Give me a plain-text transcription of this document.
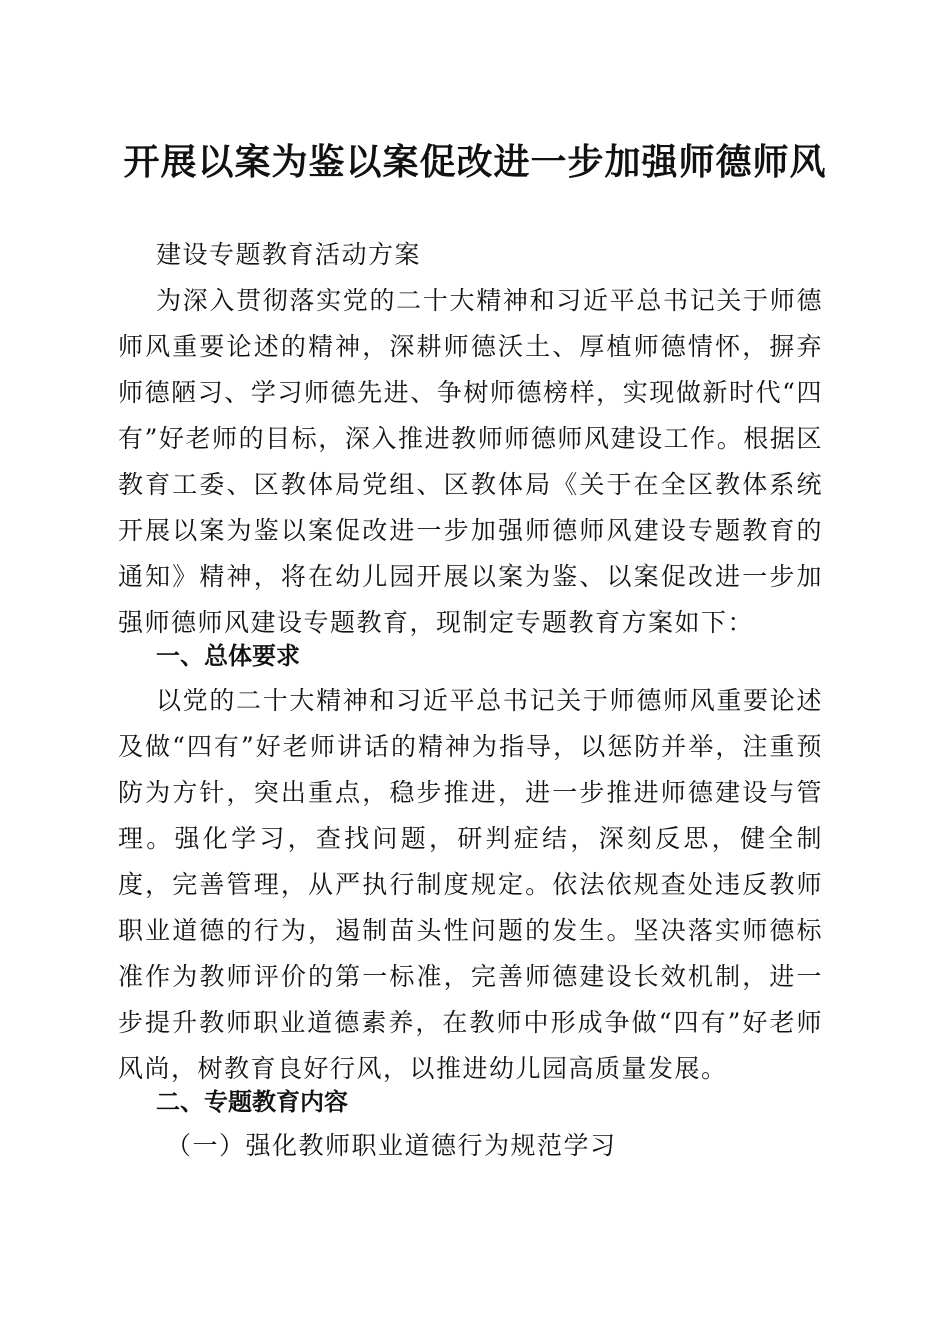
开展以案为鉴以案促改进一步加强师德师风

建设专题教育活动方案

为深入贯彻落实党的二十大精神和习近平总书记关于师德师风重要论述的精神，深耕师德沃土、厚植师德情怀，摒弃师德陋习、学习师德先进、争树师德榜样，实现做新时代“四有”好老师的目标，深入推进教师师德师风建设工作。根据区教育工委、区教体局党组、区教体局《关于在全区教体系统开展以案为鉴以案促改进一步加强师德师风建设专题教育的通知》精神，将在幼儿园开展以案为鉴、以案促改进一步加强师德师风建设专题教育，现制定专题教育方案如下：

一、总体要求

以党的二十大精神和习近平总书记关于师德师风重要论述及做“四有”好老师讲话的精神为指导，以惩防并举，注重预防为方针，突出重点，稳步推进，进一步推进师德建设与管理。强化学习，查找问题，研判症结，深刻反思，健全制度，完善管理，从严执行制度规定。依法依规查处违反教师职业道德的行为，遏制苗头性问题的发生。坚决落实师德标准作为教师评价的第一标准，完善师德建设长效机制，进一步提升教师职业道德素养，在教师中形成争做“四有”好老师风尚，树教育良好行风，以推进幼儿园高质量发展。

二、专题教育内容

（一）强化教师职业道德行为规范学习
